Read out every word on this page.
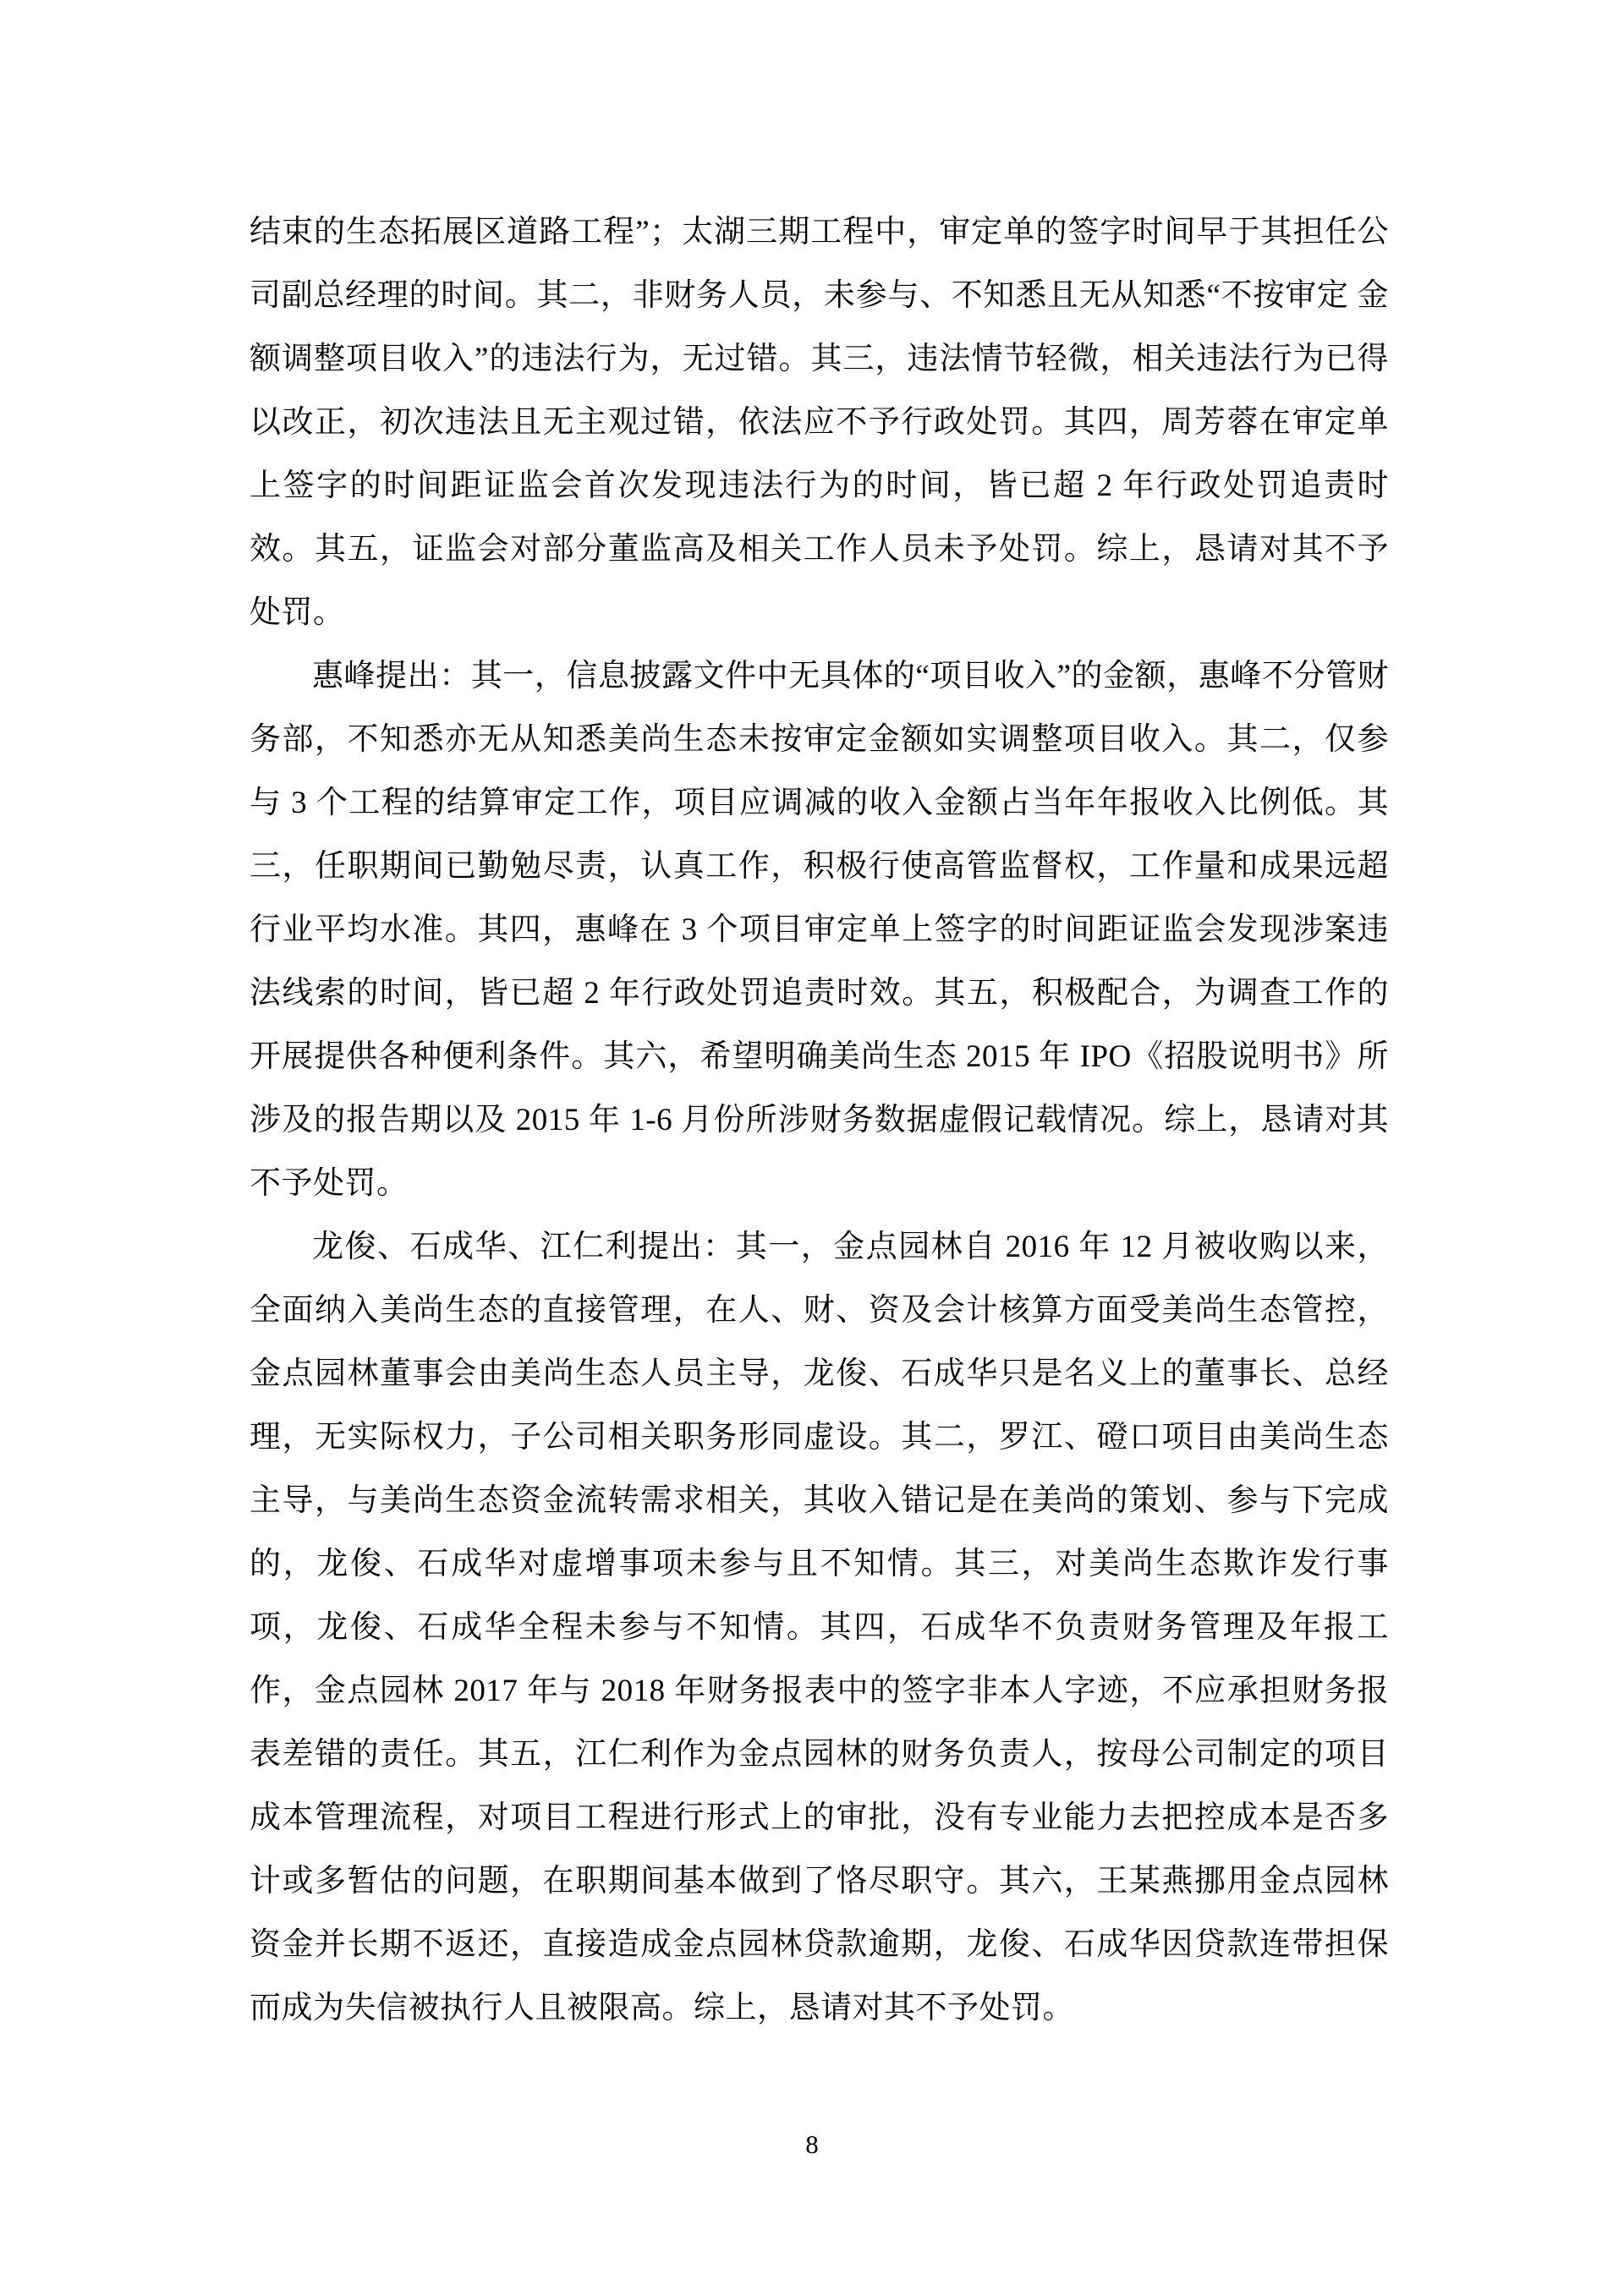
结束的生态拓展区道路工程”；太湖三期工程中，审定单的签字时间早于其担任公司副总经理的时间。其二，非财务人员，未参与、不知悉且无从知悉“不按审定 金额调整项目收入”的违法行为，无过错。其三，违法情节轻微，相关违法行为已得以改正，初次违法且无主观过错，依法应不予行政处罚。其四，周芳蓉在审定单上签字的时间距证监会首次发现违法行为的时间，皆已超 2 年行政处罚追责时效。其五，证监会对部分董监高及相关工作人员未予处罚。综上，恳请对其不予处罚。

惠峰提出：其一，信息披露文件中无具体的“项目收入”的金额，惠峰不分管财务部，不知悉亦无从知悉美尚生态未按审定金额如实调整项目收入。其二，仅参与 3 个工程的结算审定工作，项目应调减的收入金额占当年年报收入比例低。其三，任职期间已勤勉尽责，认真工作，积极行使高管监督权，工作量和成果远超行业平均水准。其四，惠峰在 3 个项目审定单上签字的时间距证监会发现涉案违法线索的时间，皆已超 2 年行政处罚追责时效。其五，积极配合，为调查工作的开展提供各种便利条件。其六，希望明确美尚生态 2015 年 IPO《招股说明书》所涉及的报告期以及 2015 年 1-6 月份所涉财务数据虚假记载情况。综上，恳请对其不予处罚。

龙俊、石成华、江仁利提出：其一，金点园林自 2016 年 12 月被收购以来，全面纳入美尚生态的直接管理，在人、财、资及会计核算方面受美尚生态管控，金点园林董事会由美尚生态人员主导，龙俊、石成华只是名义上的董事长、总经理，无实际权力，子公司相关职务形同虚设。其二，罗江、磴口项目由美尚生态主导，与美尚生态资金流转需求相关，其收入错记是在美尚的策划、参与下完成的，龙俊、石成华对虚增事项未参与且不知情。其三，对美尚生态欺诈发行事项，龙俊、石成华全程未参与不知情。其四，石成华不负责财务管理及年报工作，金点园林 2017 年与 2018 年财务报表中的签字非本人字迹，不应承担财务报表差错的责任。其五，江仁利作为金点园林的财务负责人，按母公司制定的项目成本管理流程，对项目工程进行形式上的审批，没有专业能力去把控成本是否多计或多暂估的问题，在职期间基本做到了恪尽职守。其六，王某燕挪用金点园林资金并长期不返还，直接造成金点园林贷款逾期，龙俊、石成华因贷款连带担保而成为失信被执行人且被限高。综上，恳请对其不予处罚。

8
